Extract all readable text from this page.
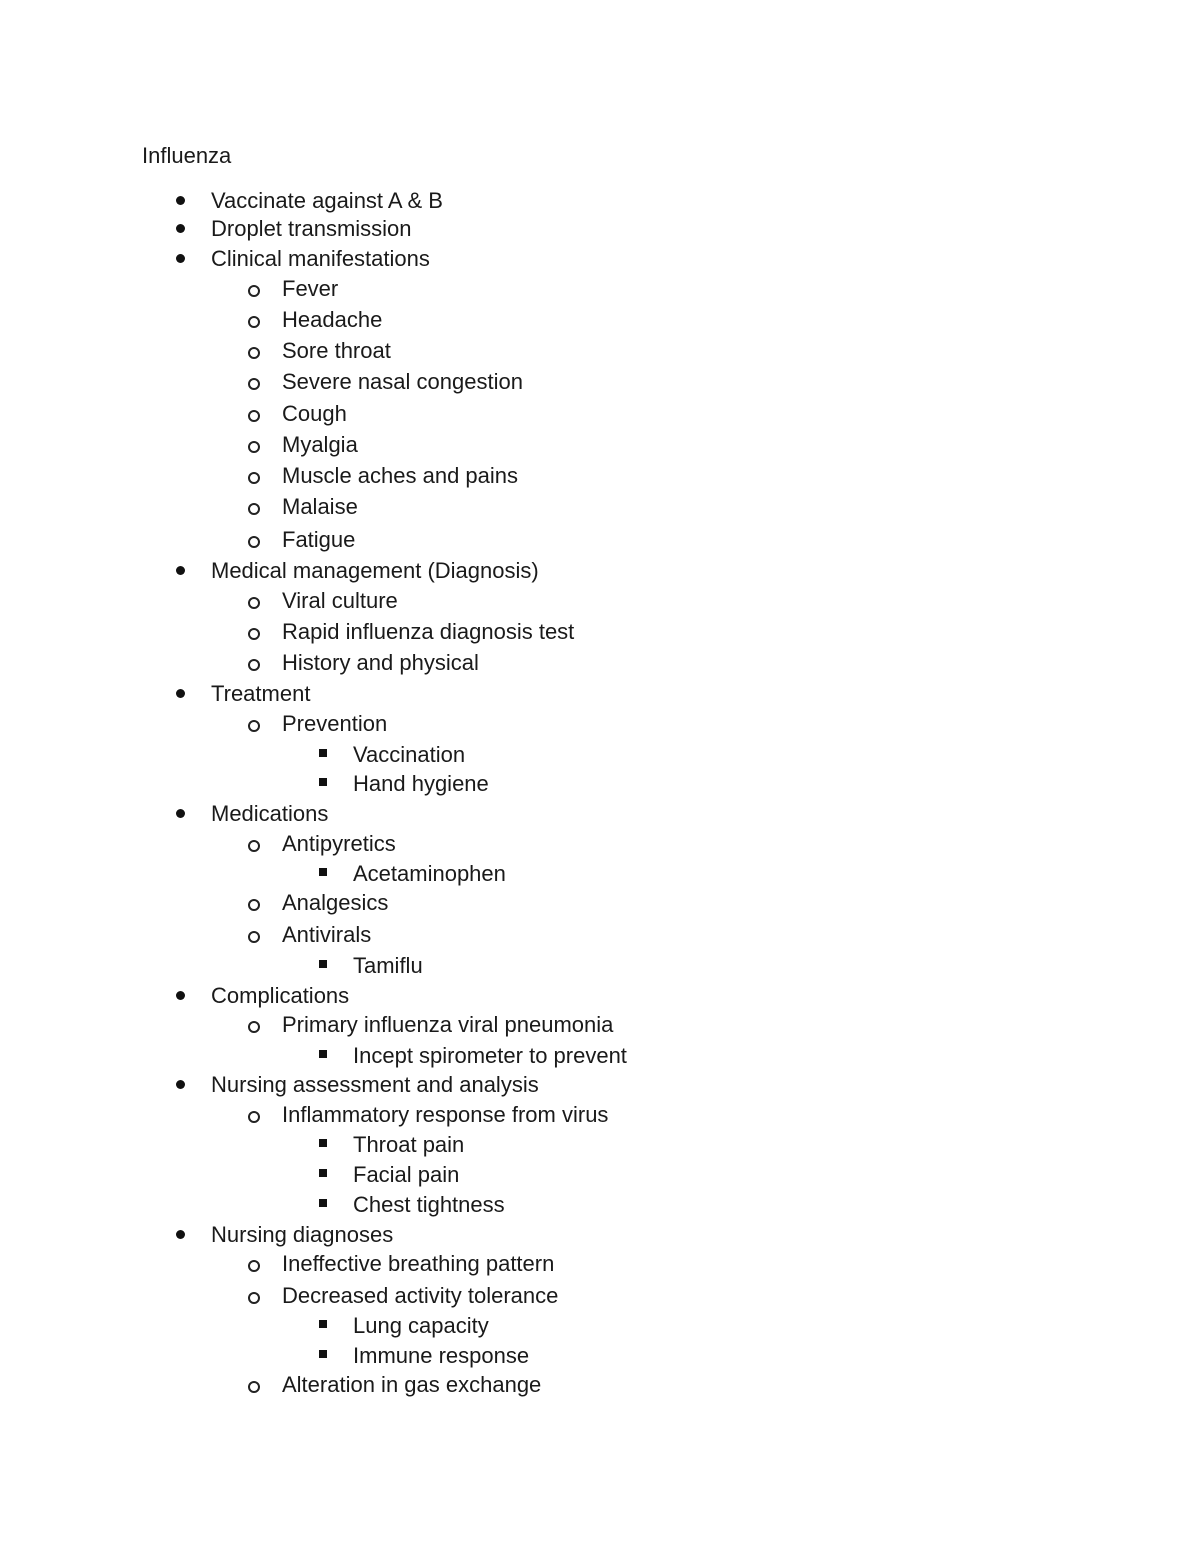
Influenza
Vaccinate against A & B
Droplet transmission
Clinical manifestations
Fever
Headache
Sore throat
Severe nasal congestion
Cough
Myalgia
Muscle aches and pains
Malaise
Fatigue
Medical management (Diagnosis)
Viral culture
Rapid influenza diagnosis test
History and physical
Treatment
Prevention
Vaccination
Hand hygiene
Medications
Antipyretics
Acetaminophen
Analgesics
Antivirals
Tamiflu
Complications
Primary influenza viral pneumonia
Incept spirometer to prevent
Nursing assessment and analysis
Inflammatory response from virus
Throat pain
Facial pain
Chest tightness
Nursing diagnoses
Ineffective breathing pattern
Decreased activity tolerance
Lung capacity
Immune response
Alteration in gas exchange
